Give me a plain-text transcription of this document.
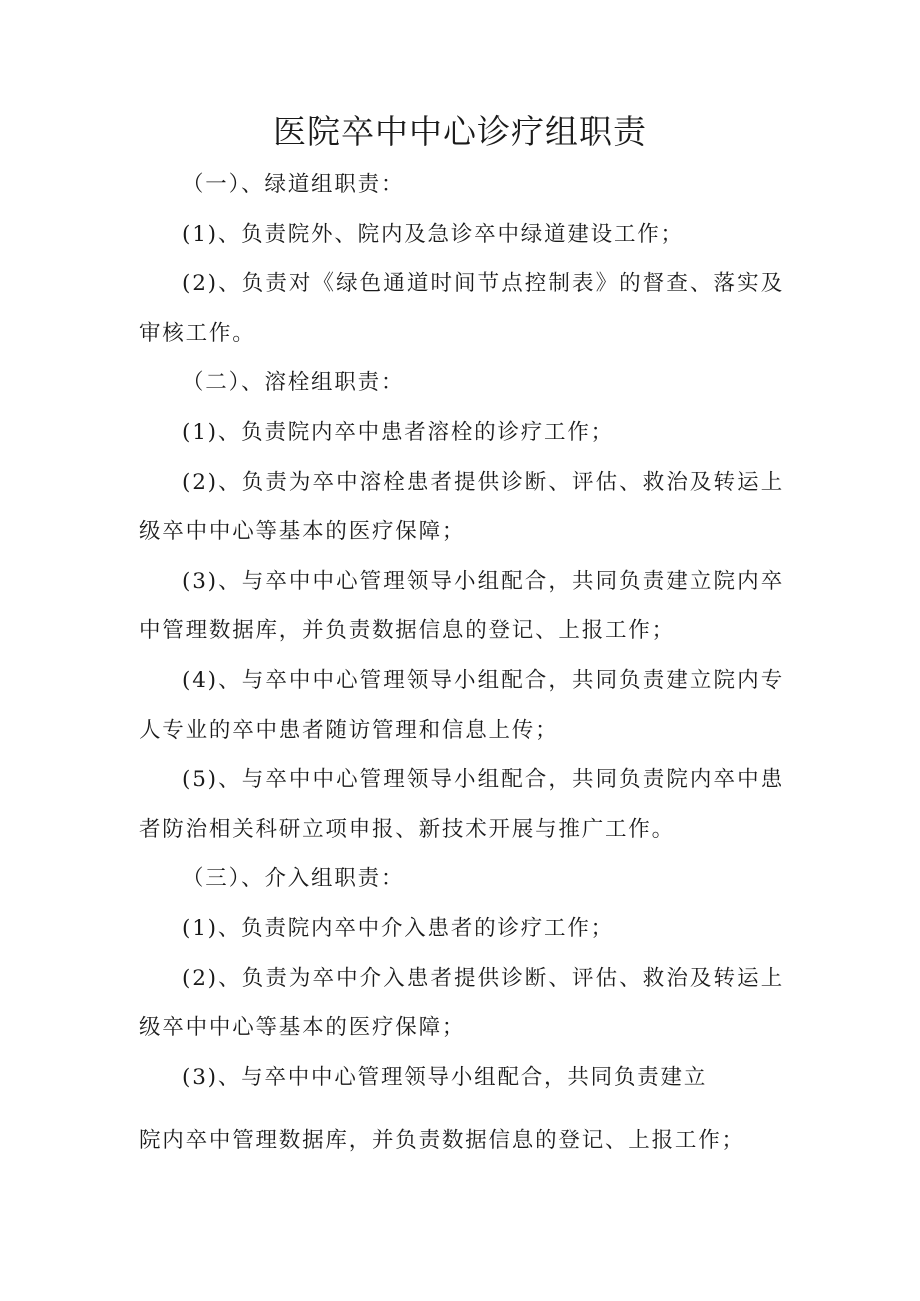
医院卒中中心诊疗组职责

（一）、绿道组职责：

(1)、负责院外、院内及急诊卒中绿道建设工作；

(2)、负责对《绿色通道时间节点控制表》的督查、落实及审核工作。

（二）、溶栓组职责：

(1)、负责院内卒中患者溶栓的诊疗工作；

(2)、负责为卒中溶栓患者提供诊断、评估、救治及转运上级卒中中心等基本的医疗保障；

(3)、与卒中中心管理领导小组配合，共同负责建立院内卒中管理数据库，并负责数据信息的登记、上报工作；

(4)、与卒中中心管理领导小组配合，共同负责建立院内专人专业的卒中患者随访管理和信息上传；

(5)、与卒中中心管理领导小组配合，共同负责院内卒中患者防治相关科研立项申报、新技术开展与推广工作。

（三）、介入组职责：

(1)、负责院内卒中介入患者的诊疗工作；

(2)、负责为卒中介入患者提供诊断、评估、救治及转运上级卒中中心等基本的医疗保障；

(3)、与卒中中心管理领导小组配合，共同负责建立

院内卒中管理数据库，并负责数据信息的登记、上报工作；
